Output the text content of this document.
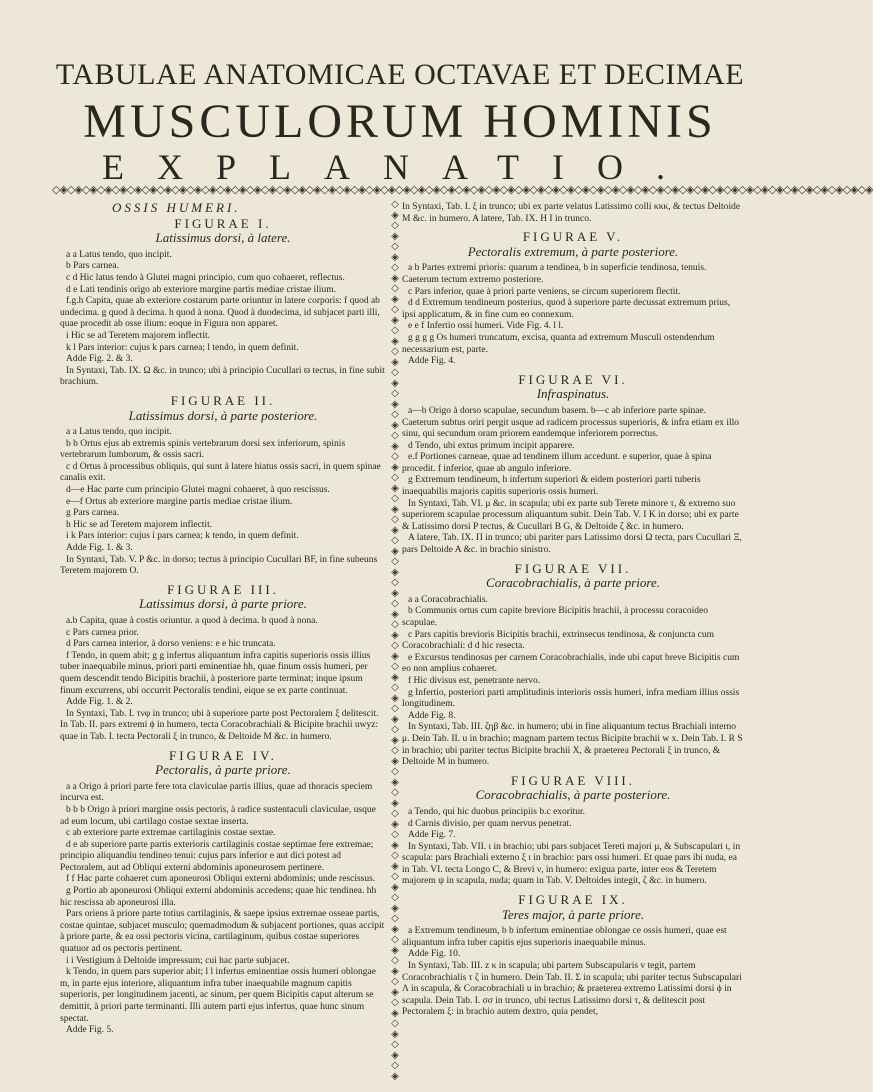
TABULAE ANATOMICAE OCTAVAE ET DECIMAE
MUSCULORUM HOMINIS
EXPLANATIO.
◇◈◇◈◇◈◇◈◇◈◇◈◇◈◇◈◇◈◇◈◇◈◇◈◇◈◇◈◇◈◇◈◇◈◇◈◇◈◇◈◇◈◇◈◇◈◇◈◇◈◇◈◇◈◇◈◇◈◇◈◇◈◇◈◇◈◇◈◇◈◇◈◇◈◇◈◇◈◇◈◇◈◇◈◇◈◇◈◇◈◇◈◇◈◇◈◇◈◇◈◇◈◇◈◇◈◇◈◇◈
◇
◈
◇
◈
◇
◈
◇
◈
◇
◈
◇
◈
◇
◈
◇
◈
◇
◈
◇
◈
◇
◈
◇
◈
◇
◈
◇
◈
◇
◈
◇
◈
◇
◈
◇
◈
◇
◈
◇
◈
◇
◈
◇
◈
◇
◈
◇
◈
◇
◈
◇
◈
◇
◈
◇
◈
◇
◈
◇
◈
◇
◈
◇
◈
◇
◈
◇
◈
◇
◈
◇
◈
◇
◈
◇
◈
◇
◈
◇
◈
◇
◈
◇
◈

OSSIS HUMERI.
FIGURAE I.
Latissimus dorsi, à latere.

a a Latus tendo, quo incipit.

b Pars carnea.

c d Hic latus tendo à Glutei magni principio, cum quo cohaeret, reflectus.

d e Lati tendinis origo ab exteriore margine partis mediae cristae ilium.

f.g.h Capita, quae ab exteriore costarum parte oriuntur in latere corporis: f quod ab undecima. g quod à decima. h quod à nona. Quod à duodecima, id subjacet parti illi, quae procedit ab osse ilium: eoque in Figura non apparet.

i Hic se ad Teretem majorem inflectit.

k l Pars interior: cujus k pars carnea; l tendo, in quem definit.

Adde Fig. 2. & 3.

In Syntaxi, Tab. IX. Ω &c. in trunco; ubi à principio Cucullari ϖ tectus, in fine subit brachium.

FIGURAE II.
Latissimus dorsi, à parte posteriore.

a a Latus tendo, quo incipit.

b b Ortus ejus ab extremis spinis vertebrarum dorsi sex inferiorum, spinis vertebrarum lumborum, & ossis sacri.

c d Ortus à processibus obliquis, qui sunt à latere hiatus ossis sacri, in quem spinae canalis exit.

d—e Hac parte cum principio Glutei magni cohaeret, à quo rescissus.

e—f Ortus ab exteriore margine partis mediae cristae ilium.

g Pars carnea.

h Hic se ad Teretem majorem inflectit.

i k Pars interior: cujus i pars carnea; k tendo, in quem definit.

Adde Fig. 1. & 3.

In Syntaxi, Tab. V. P &c. in dorso; tectus à principio Cucullari BF, in fine subeuns Teretem majorem O.

FIGURAE III.
Latissimus dorsi, à parte priore.

a.b Capita, quae à costis oriuntur. a quod à decima. b quod à nona.

c Pars carnea prior.

d Pars carnea interior, à dorso veniens: e e hic truncata.

f Tendo, in quem abit; g g infertus aliquantum infra capitis superioris ossis illius tuber inaequabile minus, priori parti eminentiae hh, quae finum ossis humeri, per quem descendit tendo Bicipitis brachii, à posteriore parte terminat; inque ipsum finum excurrens, ubi occurrit Pectoralis tendini, eique se ex parte continuat.

Adde Fig. 1. & 2.

In Syntaxi, Tab. I. τνφ in trunco; ubi à superiore parte post Pectoralem ξ delitescit. In Tab. II. pars extremi ϕ in humero, tecta Coracobrachiali & Bicipite brachii uwyz: quae in Tab. I. tecta Pectorali ξ in trunco, & Deltoide M &c. in humero.

FIGURAE IV.
Pectoralis, à parte priore.

a a Origo à priori parte fere tota claviculae partis illius, quae ad thoracis speciem incurva est.

b b b Origo à priori margine ossis pectoris, à radice sustentaculi claviculae, usque ad eum locum, ubi cartilago costae sextae inserta.

c ab exteriore parte extremae cartilaginis costae sextae.

d e ab superiore parte partis exterioris cartilaginis costae septimae fere extremae; principio aliquandiu tendineo tenui: cujus pars inferior e aut dici potest ad Pectoralem, aut ad Obliqui externi abdominis aponeurosem pertinere.

f f Hac parte cohaeret cum aponeurosi Obliqui externi abdominis; unde rescissus.

g Portio ab aponeurosi Obliqui externi abdominis accedens; quae hic tendinea. hh hic rescissa ab aponeurosi illa.

Pars oriens à priore parte totius cartilaginis, & saepe ipsius extremae osseae partis, costae quintae, subjacet musculo; quemadmodum & subjacent portiones, quas accipit à priore parte, & ea ossi pectoris vicina, cartilaginum, quibus costae superiores quatuor ad os pectoris pertinent.

i i Vestigium à Deltoide impressum; cui hac parte subjacet.

k Tendo, in quem pars superior abit; l l infertus eminentiae ossis humeri oblongae m, in parte ejus interiore, aliquantum infra tuber inaequabile magnum capitis superioris, per longitudinem jacenti, ac sinum, per quem Bicipitis caput alterum se demittit, à priori parte terminanti. Illi autem parti ejus infertus, quae hunc sinum spectat.

Adde Fig. 5.

In Syntaxi, Tab. I. ξ in trunco; ubi ex parte velatus Latissimo colli κκκ, & tectus Deltoide M &c. in humero. A latere, Tab. IX. H I in trunco.

FIGURAE V.
Pectoralis extremum, à parte posteriore.

a b Partes extremi prioris: quarum a tendinea, b in superficie tendinosa, tenuis. Caeterum tectum extremo posteriore.

c Pars inferior, quae à priori parte veniens, se circum superiorem flectit.

d d Extremum tendineum posterius, quod à superiore parte decussat extremum prius, ipsi applicatum, & in fine cum eo connexum.

e e f Infertio ossi humeri. Vide Fig. 4. l l.

g g g g Os humeri truncatum, excisa, quanta ad extremum Musculi ostendendum necessarium est, parte.

Adde Fig. 4.

FIGURAE VI.
Infraspinatus.

a—b Origo à dorso scapulae, secundum basem. b—c ab inferiore parte spinae. Caeterum subtus oriri pergit usque ad radicem processus superioris, & infra etiam ex illo sinu, qui secundum oram priorem eandemque inferiorem porrectus.

d Tendo, ubi extus primum incipit apparere.

e.f Portiones carneae, quae ad tendinem illum accedunt. e superior, quae à spina procedit. f inferior, quae ab angulo inferiore.

g Extremum tendineum, h infertum superiori & eidem posteriori parti tuberis inaequabilis majoris capitis superioris ossis humeri.

In Syntaxi, Tab. VI. μ &c. in scapula; ubi ex parte sub Terete minore τ, & extremo suo superiorem scapulae processum aliquantum subit. Dein Tab. V. I K in dorso; ubi ex parte & Latissimo dorsi P tectus, & Cucullari B G, & Deltoide ζ &c. in humero.

A latere, Tab. IX. Π in trunco; ubi pariter pars Latissimo dorsi Ω tecta, pars Cucullari Ξ, pars Deltoide A &c. in brachio sinistro.

FIGURAE VII.
Coracobrachialis, à parte priore.

a a Coracobrachialis.

b Communis ortus cum capite breviore Bicipitis brachii, à processu coracoideo scapulae.

c Pars capitis brevioris Bicipitis brachii, extrinsecus tendinosa, & conjuncta cum Coracobrachiali: d d hic resecta.

e Excursus tendinosus per carnem Coracobrachialis, inde ubi caput breve Bicipitis cum eo non amplius cohaeret.

f Hic divisus est, penetrante nervo.

g Infertio, posteriori parti amplitudinis interioris ossis humeri, infra mediam illius ossis longitudinem.

Adde Fig. 8.

In Syntaxi, Tab. III. ζηβ &c. in humero; ubi in fine aliquantum tectus Brachiali interno μ. Dein Tab. II. u in brachio; magnam partem tectus Bicipite brachii w x. Dein Tab. I. R S in brachio; ubi pariter tectus Bicipite brachii X, & praeterea Pectorali ξ in trunco, & Deltoide M in humero.

FIGURAE VIII.
Coracobrachialis, à parte posteriore.

a Tendo, qui hic duobus principiis b.c exoritur.

d Carnis divisio, per quam nervus penetrat.

Adde Fig. 7.

In Syntaxi, Tab. VII. ι in brachio; ubi pars subjacet Tereti majori μ, & Subscapulari ι, in scapula: pars Brachiali externo ξ ι in brachio: pars ossi humeri. Et quae pars ibi nuda, ea in Tab. VI. tecta Longo C, & Brevi ν, in humero: exigua parte, inter eos & Teretem majorem ψ in scapula, nuda; quam in Tab. V. Deltoides integit, ζ &c. in humero.

FIGURAE IX.
Teres major, à parte priore.

a Extremum tendineum, b b infertum eminentiae oblongae ce ossis humeri, quae est aliquantum infra tuber capitis ejus superioris inaequabile minus.

Adde Fig. 10.

In Syntaxi, Tab. III. z κ in scapula; ubi partem Subscapularis v tegit, partem Coracobrachialis τ ζ in humero. Dein Tab. II. Σ in scapula; ubi pariter tectus Subscapulari Λ in scapula, & Coracobrachiali u in brachio; & praeterea extremo Latissimi dorsi ϕ in scapula. Dein Tab. I. σσ in trunco, ubi tectus Latissimo dorsi τ, & delitescit post Pectoralem ξ: in brachio autem dextro, quia pendet,
